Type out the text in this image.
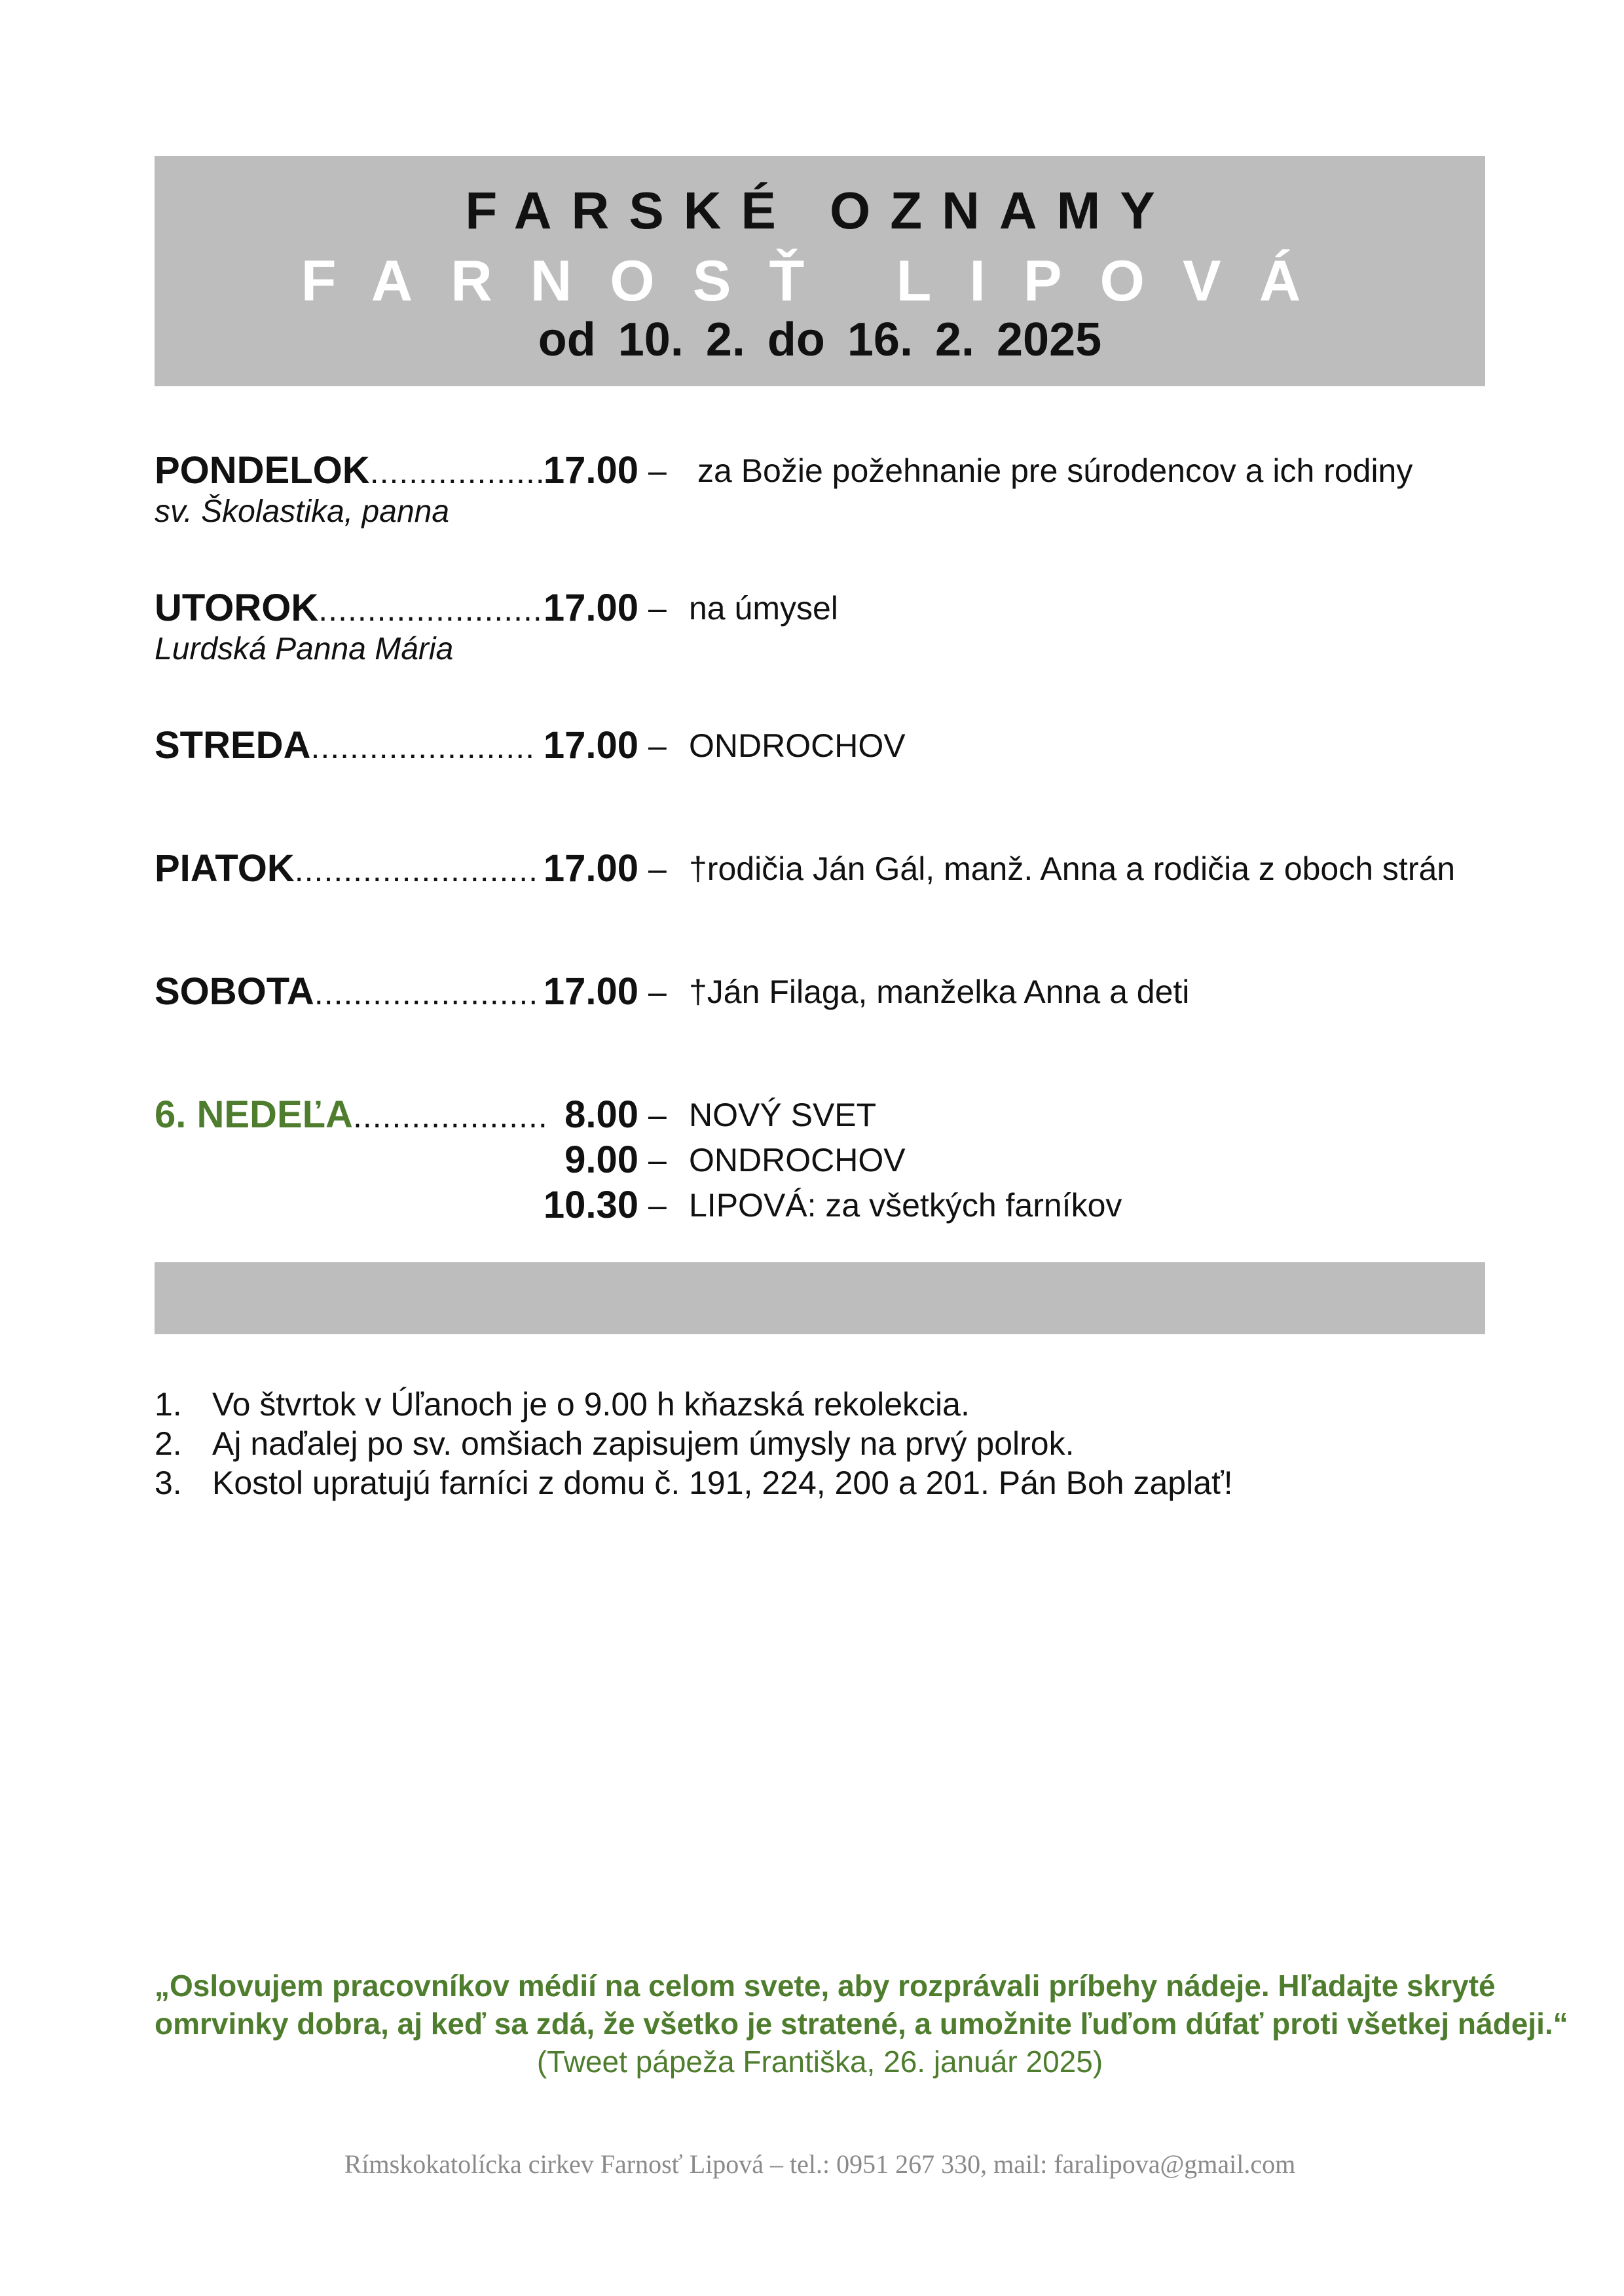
FARSKÉ OZNAMY
FARNOSŤ LIPOVÁ
od 10. 2. do 16. 2. 2025
PONDELOK...................
17.00 – za Božie požehnanie pre súrodencov a ich rodiny
sv. Školastika, panna
UTOROK....................... 17.00 – na úmysel
Lurdská Panna Mária
STREDA....................... 17.00 – ONDROCHOV
PIATOK......................... 17.00 – †rodičia Ján Gál, manž. Anna a rodičia z oboch strán
SOBOTA....................... 17.00 – †Ján Filaga, manželka Anna a deti
6. NEDEĽA.................... 8.00 – NOVÝ SVET
9.00 – ONDROCHOV
10.30 – LIPOVÁ: za všetkých farníkov
1. Vo štvrtok v Úľanoch je o 9.00 h kňazská rekolekcia.
2. Aj naďalej po sv. omšiach zapisujem úmysly na prvý polrok.
3. Kostol upratujú farníci z domu č. 191, 224, 200 a 201. Pán Boh zaplať!
„Oslovujem pracovníkov médií na celom svete, aby rozprávali príbehy nádeje. Hľadajte skryté
omrvinky dobra, aj keď sa zdá, že všetko je stratené, a umožnite ľuďom dúfať proti všetkej nádeji.“
(Tweet pápeža Františka, 26. január 2025)
Rímskokatolícka cirkev Farnosť Lipová – tel.: 0951 267 330, mail: faralipova@gmail.com
